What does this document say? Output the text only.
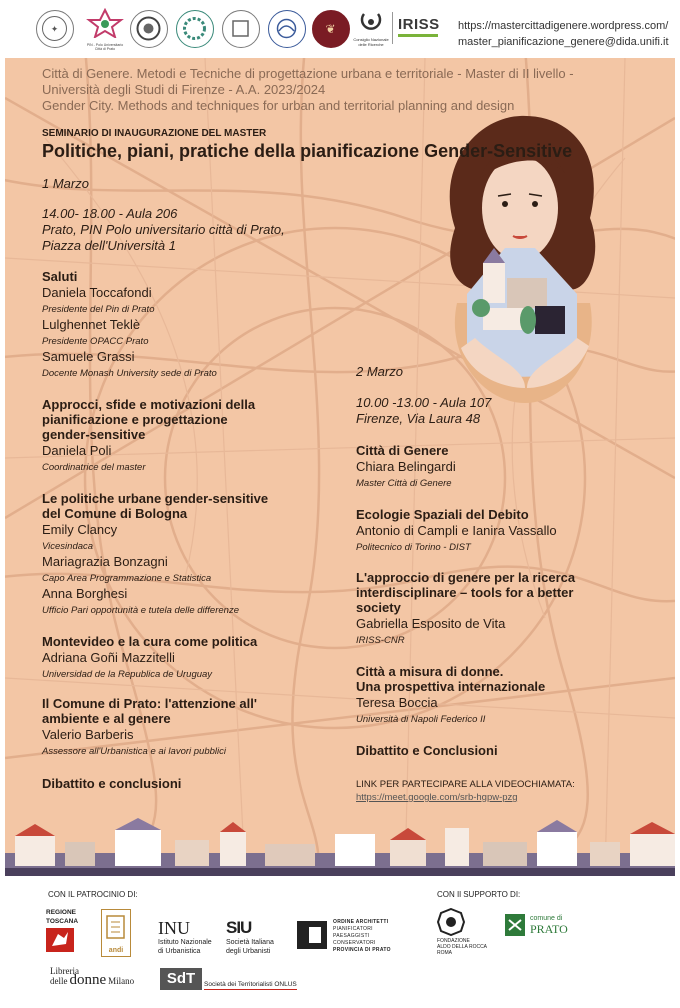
✦
PIN - Polo Universitario Città di Prato
❦
Consiglio Nazionale delle Ricerche
IRISS https://mastercittadigenere.wordpress.com/
master_pianificazione_genere@dida.unifi.it

Città di Genere. Metodi e Tecniche di progettazione urbana e territoriale - Master di II livello -

Università degli Studi di Firenze - A.A. 2023/2024

Gender City. Methods and techniques for urban and territorial planning and design

SEMINARIO DI INAUGURAZIONE DEL MASTER

Politiche, piani, pratiche della pianificazione Gender-Sensitive

1 Marzo

14.00- 18.00 - Aula 206

Prato, PIN Polo universitario città di Prato,

Piazza dell'Università 1

Saluti

Daniela Toccafondi

Presidente del Pin di Prato

Lulghennet Teklè

Presidente OPACC Prato

Samuele Grassi

Docente Monash University sede di Prato

Approcci, sfide e motivazioni della

pianificazione e progettazione

gender-sensitive

Daniela Poli

Coordinatrice del master

Le politiche urbane gender-sensitive

del Comune di Bologna

Emily Clancy

Vicesindaca

Mariagrazia Bonzagni

Capo Area Programmazione e Statistica

Anna Borghesi

Ufficio Pari opportunità e tutela delle differenze

Montevideo e la cura come politica

Adriana Goñi Mazzitelli

Universidad de la Republica de Uruguay

Il Comune di Prato: l'attenzione all'

ambiente e al genere

Valerio Barberis

Assessore all'Urbanistica e ai lavori pubblici

Dibattito e conclusioni

2 Marzo

10.00 -13.00 - Aula 107

Firenze, Via Laura 48

Città di Genere

Chiara Belingardi

Master Città di Genere

Ecologie Spaziali del Debito

Antonio di Campli e Ianira Vassallo

Politecnico di Torino - DIST

L'approccio di genere per la ricerca

interdisciplinare – tools for a better

society

Gabriella Esposito de Vita

IRISS-CNR

Città a misura di donne.

Una prospettiva internazionale

Teresa Boccia

Università di Napoli Federico II

Dibattito e Conclusioni

LINK PER PARTECIPARE ALLA VIDEOCHIAMATA:

https://meet.google.com/srb-hgpw-pzg

CON IL PATROCINIO DI:	CON Il SUPPORTO DI:
REGIONE
TOSCANA
andi
INU
Istituto Nazionale
di Urbanistica
SIU
Società Italiana
degli Urbanisti
ORDINE ARCHITETTI
PIANIFICATORI
PAESAGGISTI
CONSERVATORI
PROVINCIA DI PRATO
FONDAZIONE
ALDO DELLA ROCCA
ROMA
comune di
PRATO
Libreria
delle donne Milano	SdT	Società dei Territorialisti ONLUS
